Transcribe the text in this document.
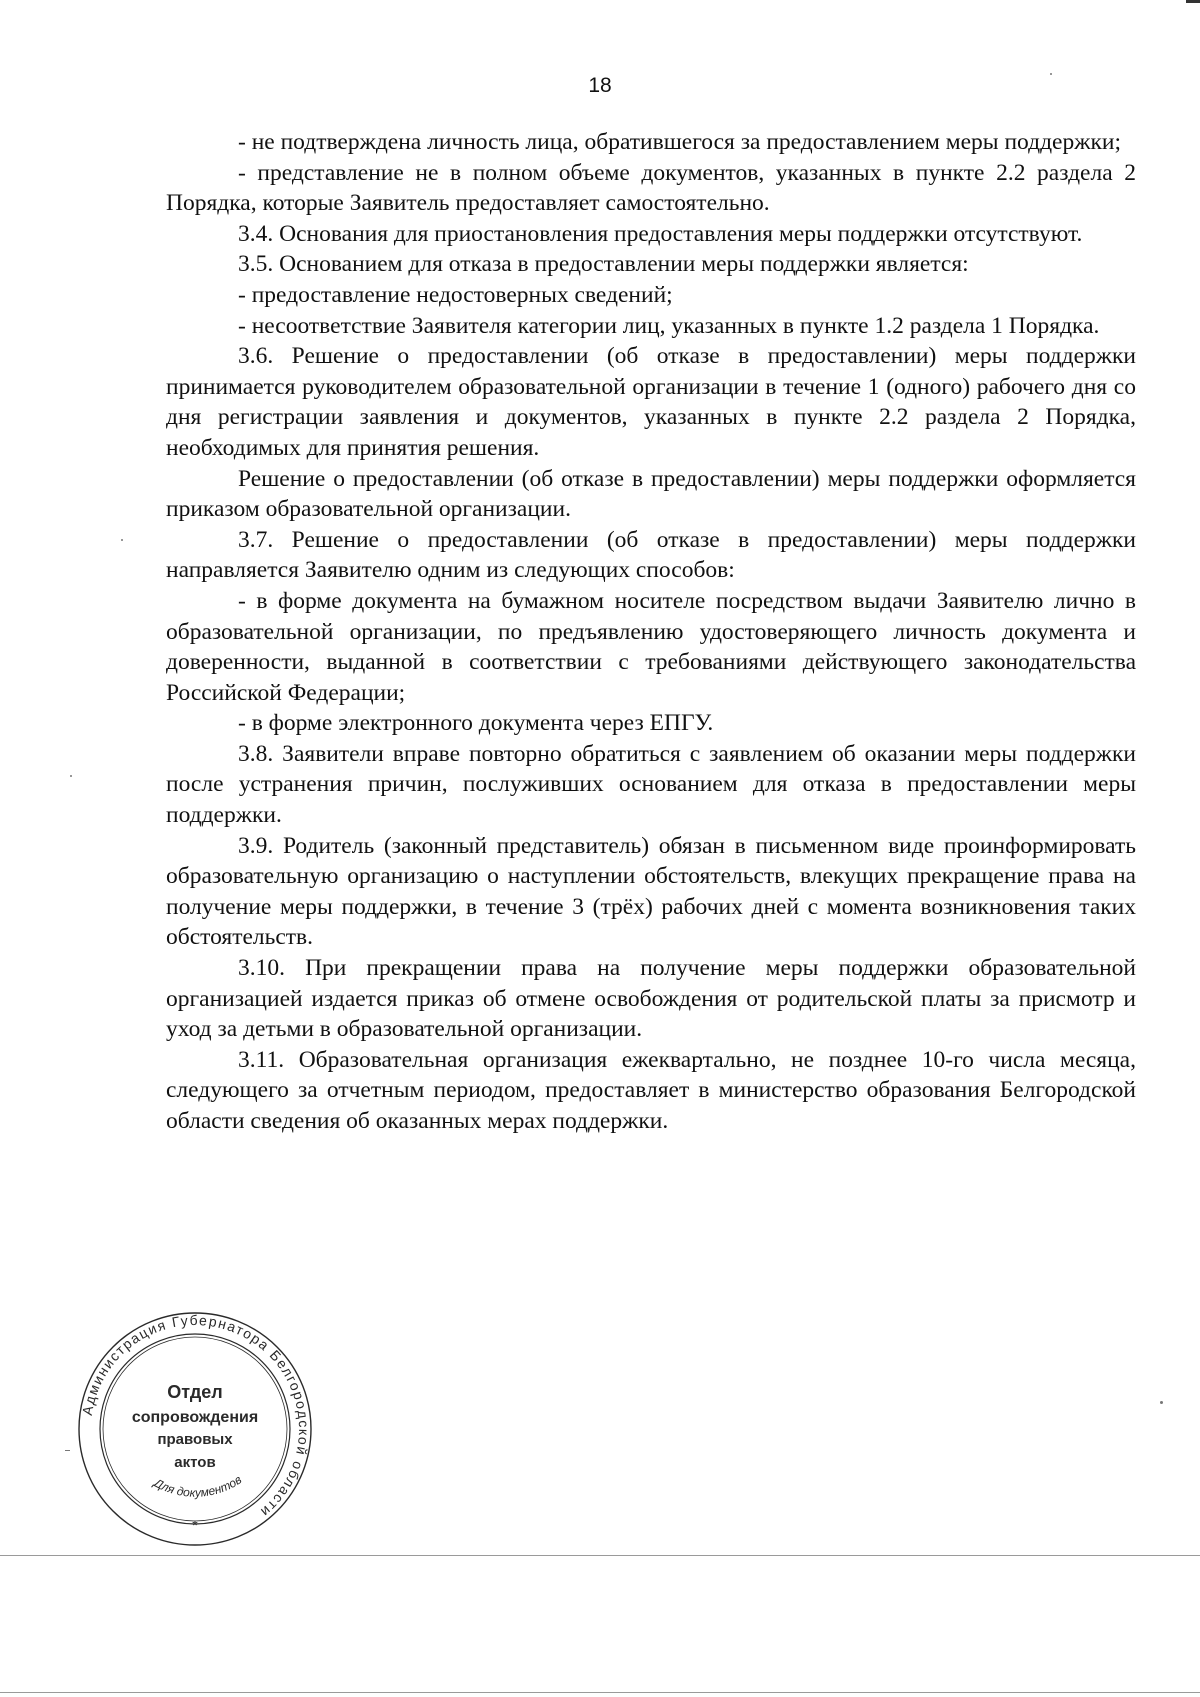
18

- не подтверждена личность лица, обратившегося за предоставлением меры поддержки;

- представление не в полном объеме документов, указанных в пункте 2.2 раздела 2 Порядка, которые Заявитель предоставляет самостоятельно.

3.4. Основания для приостановления предоставления меры поддержки отсутствуют.

3.5. Основанием для отказа в предоставлении меры поддержки является:

- предоставление недостоверных сведений;

- несоответствие Заявителя категории лиц, указанных в пункте 1.2 раздела 1 Порядка.

3.6. Решение о предоставлении (об отказе в предоставлении) меры поддержки принимается руководителем образовательной организации в течение 1 (одного) рабочего дня со дня регистрации заявления и документов, указанных в пункте 2.2 раздела 2 Порядка, необходимых для принятия решения.

Решение о предоставлении (об отказе в предоставлении) меры поддержки оформляется приказом образовательной организации.

3.7. Решение о предоставлении (об отказе в предоставлении) меры поддержки направляется Заявителю одним из следующих способов:

- в форме документа на бумажном носителе посредством выдачи Заявителю лично в образовательной организации, по предъявлению удостоверяющего личность документа и доверенности, выданной в соответствии с требованиями действующего законодательства Российской Федерации;

- в форме электронного документа через ЕПГУ.

3.8. Заявители вправе повторно обратиться с заявлением об оказании меры поддержки после устранения причин, послуживших основанием для отказа в предоставлении меры поддержки.

3.9. Родитель (законный представитель) обязан в письменном виде проинформировать образовательную организацию о наступлении обстоятельств, влекущих прекращение права на получение меры поддержки, в течение 3 (трёх) рабочих дней с момента возникновения таких обстоятельств.

3.10. При прекращении права на получение меры поддержки образовательной организацией издается приказ об отмене освобождения от родительской платы за присмотр и уход за детьми в образовательной организации.

3.11. Образовательная организация ежеквартально, не позднее 10-го числа месяца, следующего за отчетным периодом, предоставляет в министерство образования Белгородской области сведения об оказанных мерах поддержки.

Администрация Губернатора Белгородской области
Для документов
Отдел
сопровождения
правовых
актов
*
